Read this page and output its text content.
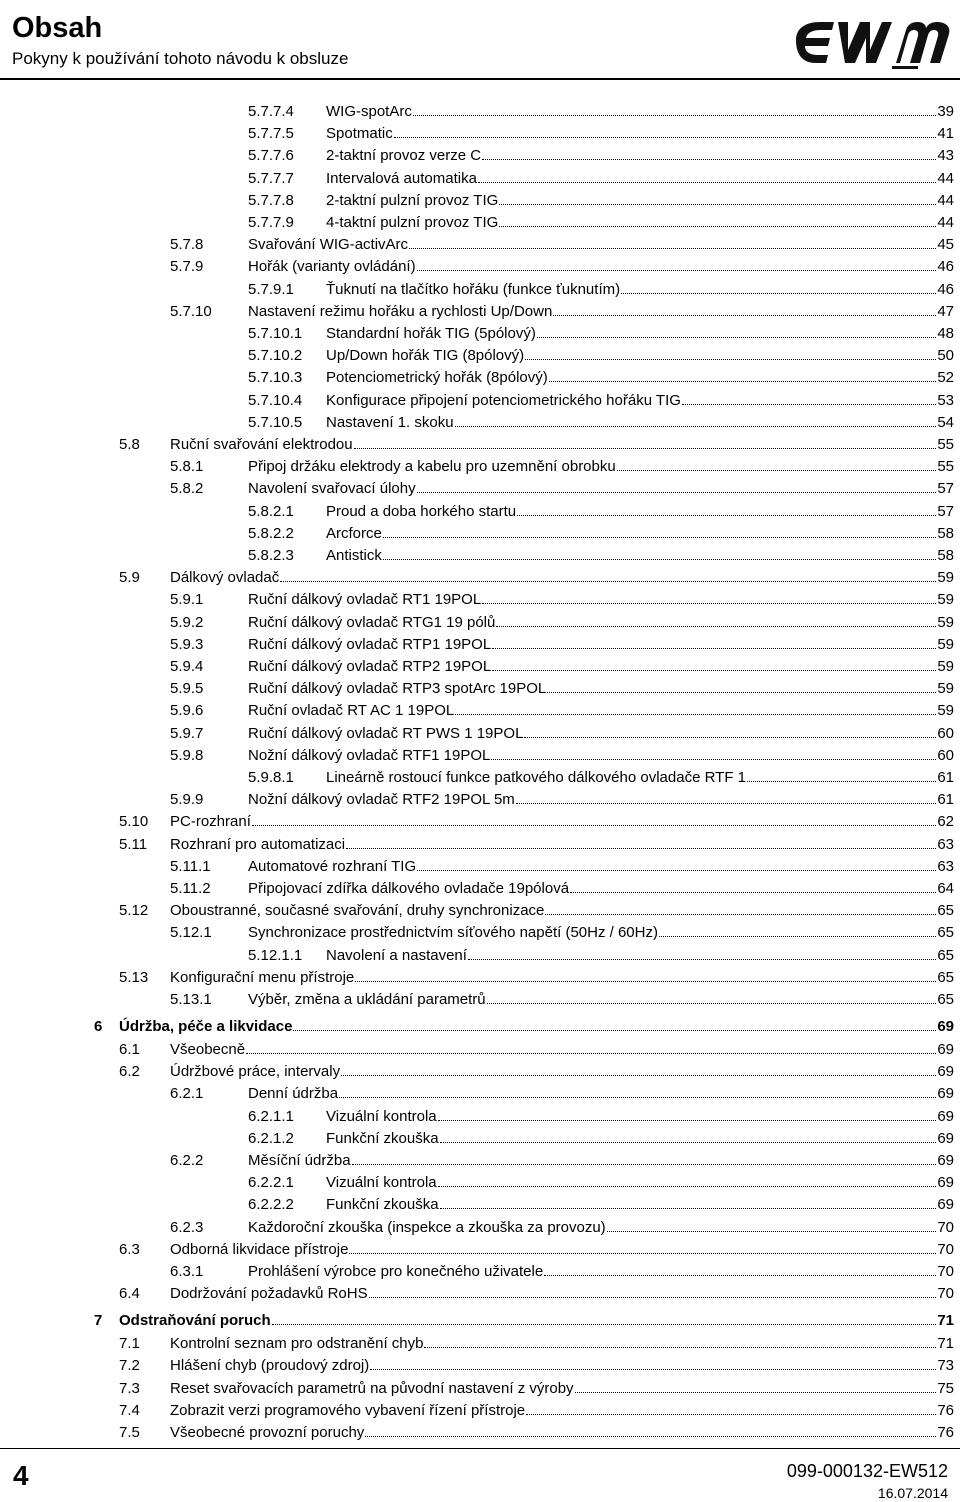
Obsah
Pokyny k používání tohoto návodu k obsluze
5.7.7.4	WIG-spotArc	39
5.7.7.5	Spotmatic	41
5.7.7.6	2-taktní provoz verze C	43
5.7.7.7	Intervalová automatika	44
5.7.7.8	2-taktní pulzní provoz TIG	44
5.7.7.9	4-taktní pulzní provoz TIG	44
5.7.8	Svařování WIG-activArc	45
5.7.9	Hořák (varianty ovládání)	46
5.7.9.1	Ťuknutí na tlačítko hořáku (funkce ťuknutím)	46
5.7.10	Nastavení režimu hořáku a rychlosti Up/Down	47
5.7.10.1	Standardní hořák TIG (5pólový)	48
5.7.10.2	Up/Down hořák TIG (8pólový)	50
5.7.10.3	Potenciometrický hořák (8pólový)	52
5.7.10.4	Konfigurace připojení potenciometrického hořáku TIG	53
5.7.10.5	Nastavení 1. skoku	54
5.8	Ruční svařování elektrodou	55
5.8.1	Připoj držáku elektrody a kabelu pro uzemnění obrobku	55
5.8.2	Navolení svařovací úlohy	57
5.8.2.1	Proud a doba horkého startu	57
5.8.2.2	Arcforce	58
5.8.2.3	Antistick	58
5.9	Dálkový ovladač	59
5.9.1	Ruční dálkový ovladač RT1 19POL	59
5.9.2	Ruční dálkový ovladač RTG1 19 pólů	59
5.9.3	Ruční dálkový ovladač RTP1 19POL	59
5.9.4	Ruční dálkový ovladač RTP2 19POL	59
5.9.5	Ruční dálkový ovladač RTP3 spotArc 19POL	59
5.9.6	Ruční ovladač RT AC 1 19POL	59
5.9.7	Ruční dálkový ovladač RT PWS 1 19POL	60
5.9.8	Nožní dálkový ovladač RTF1 19POL	60
5.9.8.1	Lineárně rostoucí funkce patkového dálkového ovladače RTF 1	61
5.9.9	Nožní dálkový ovladač RTF2 19POL 5m	61
5.10	PC-rozhraní	62
5.11	Rozhraní pro automatizaci	63
5.11.1	Automatové rozhraní TIG	63
5.11.2	Připojovací zdířka dálkového ovladače 19pólová	64
5.12	Oboustranné, současné svařování, druhy synchronizace	65
5.12.1	Synchronizace prostřednictvím síťového napětí (50Hz / 60Hz)	65
5.12.1.1	Navolení a nastavení	65
5.13	Konfigurační menu přístroje	65
5.13.1	Výběr, změna a ukládání parametrů	65
6	Údržba, péče a likvidace	69
6.1	Všeobecně	69
6.2	Údržbové práce, intervaly	69
6.2.1	Denní údržba	69
6.2.1.1	Vizuální kontrola	69
6.2.1.2	Funkční zkouška	69
6.2.2	Měsíční údržba	69
6.2.2.1	Vizuální kontrola	69
6.2.2.2	Funkční zkouška	69
6.2.3	Každoroční zkouška (inspekce a zkouška za provozu)	70
6.3	Odborná likvidace přístroje	70
6.3.1	Prohlášení výrobce pro konečného uživatele	70
6.4	Dodržování požadavků RoHS	70
7	Odstraňování poruch	71
7.1	Kontrolní seznam pro odstranění chyb	71
7.2	Hlášení chyb (proudový zdroj)	73
7.3	Reset svařovacích parametrů na původní nastavení z výroby	75
7.4	Zobrazit verzi programového vybavení řízení přístroje	76
7.5	Všeobecné provozní poruchy	76
4	099-000132-EW512
16.07.2014
